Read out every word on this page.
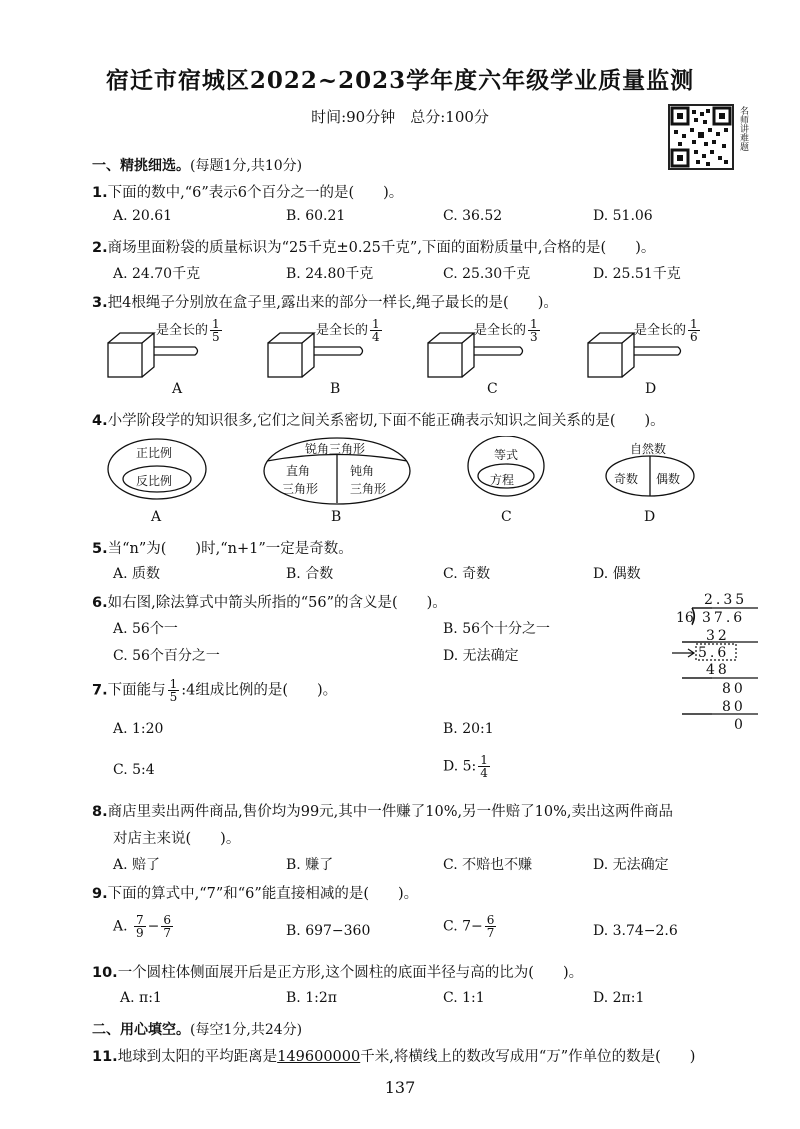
宿迁市宿城区2022~2023学年度六年级学业质量监测
时间:90分钟　总分:100分	名师讲难题
一、精挑细选。(每题1分,共10分)
1.下面的数中,“6”表示6个百分之一的是(　　)。
A. 20.61	B. 60.21	C. 36.52	D. 51.06
2.商场里面粉袋的质量标识为“25千克±0.25千克”,下面的面粉质量中,合格的是(　　)。
A. 24.70千克	B. 24.80千克	C. 25.30千克	D. 25.51千克
3.把4根绳子分别放在盒子里,露出来的部分一样长,绳子最长的是(　　)。
是全长的 $\frac{1}{5}$	是全长的 $\frac{1}{4}$	是全长的 $\frac{1}{3}$	是全长的 $\frac{1}{6}$
A	B	C	D
4.小学阶段学的知识很多,它们之间关系密切,下面不能正确表示知识之间关系的是(　　)。
正比例
反比例
锐角三角形
直角
三角形
钝角
三角形
等式
方程
自然数
奇数 偶数
A	B	C	D
5.当“n”为(　　)时,“n+1”一定是奇数。
A. 质数	B. 合数	C. 奇数	D. 偶数
6.如右图,除法算式中箭头所指的“56”的含义是(　　)。
A. 56个一	B. 56个十分之一
C. 56个百分之一	D. 无法确定
2.35
16 37.6
32
5.6
48
80
80
0
7.下面能与 $\frac{1}{5}$ :4组成比例的是(　　)。
A. 1:20	B. 20:1
C. 5:4	D. 5: $\frac{1}{4}$
8.商店里卖出两件商品,售价均为99元,其中一件赚了10%,另一件赔了10%,卖出这两件商品
对店主来说(　　)。
A. 赔了	B. 赚了	C. 不赔也不赚	D. 无法确定
9.下面的算式中,“7”和“6”能直接相减的是(　　)。
A. $\frac{7}{9} - \frac{6}{7}$	B. 697−360	C. $7- \frac{6}{7}$	D. 3.74−2.6
10.一个圆柱体侧面展开后是正方形,这个圆柱的底面半径与高的比为(　　)。
A. π:1	B. 1:2π	C. 1:1	D. 2π:1
二、用心填空。(每空1分,共24分)
11.地球到太阳的平均距离是149600000千米,将横线上的数改写成用“万”作单位的数是(　　)
137
